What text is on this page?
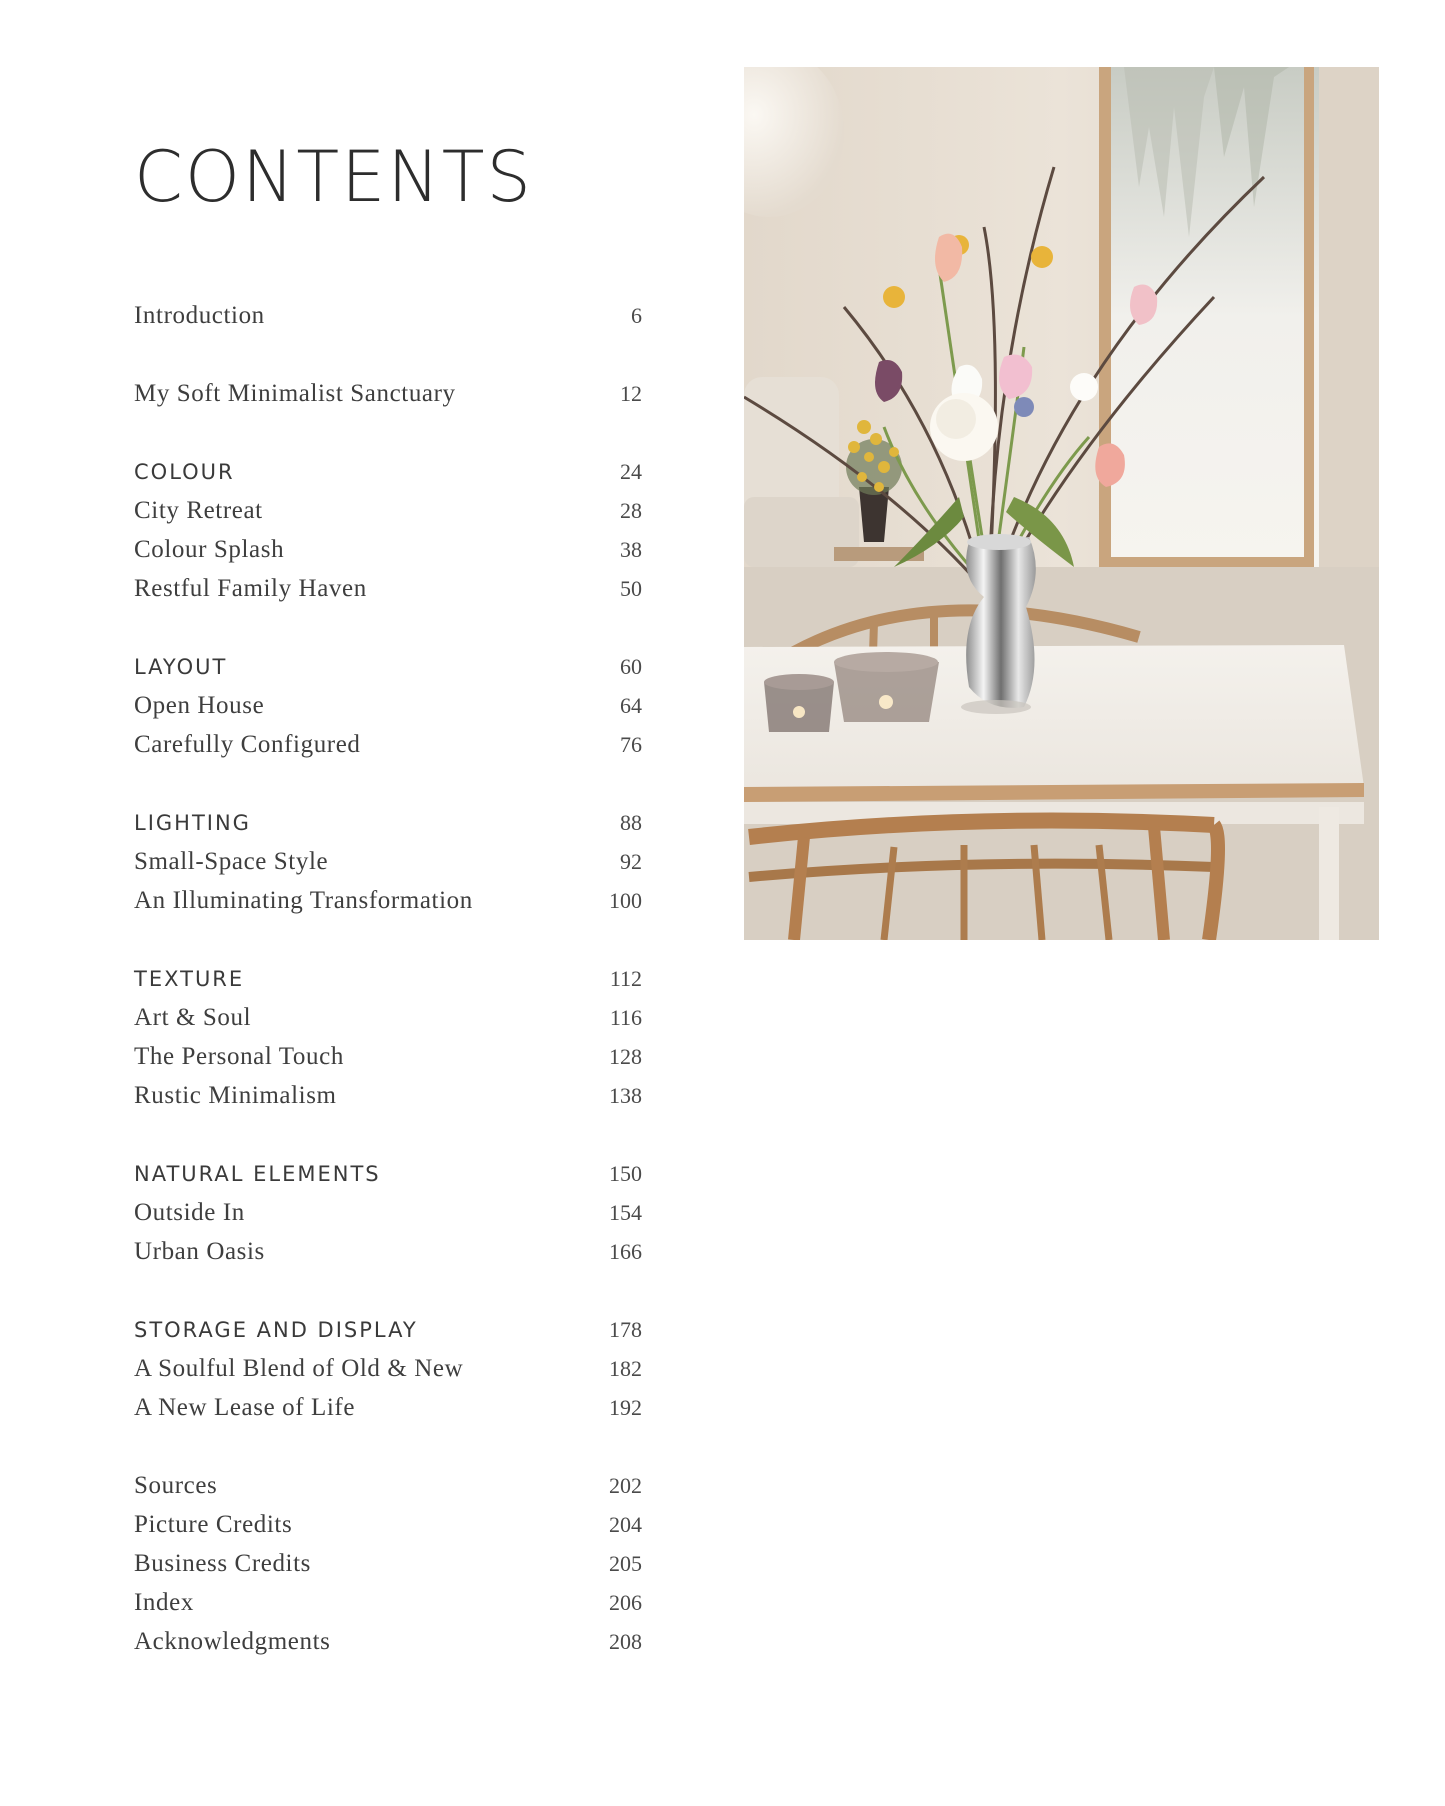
CONTENTS
Introduction	6
My Soft Minimalist Sanctuary	12
COLOUR	24
City Retreat	28
Colour Splash	38
Restful Family Haven	50
LAYOUT	60
Open House	64
Carefully Configured	76
LIGHTING	88
Small-Space Style	92
An Illuminating Transformation	100
TEXTURE	112
Art & Soul	116
The Personal Touch	128
Rustic Minimalism	138
NATURAL ELEMENTS	150
Outside In	154
Urban Oasis	166
STORAGE AND DISPLAY	178
A Soulful Blend of Old & New	182
A New Lease of Life	192
Sources	202
Picture Credits	204
Business Credits	205
Index	206
Acknowledgments	208
